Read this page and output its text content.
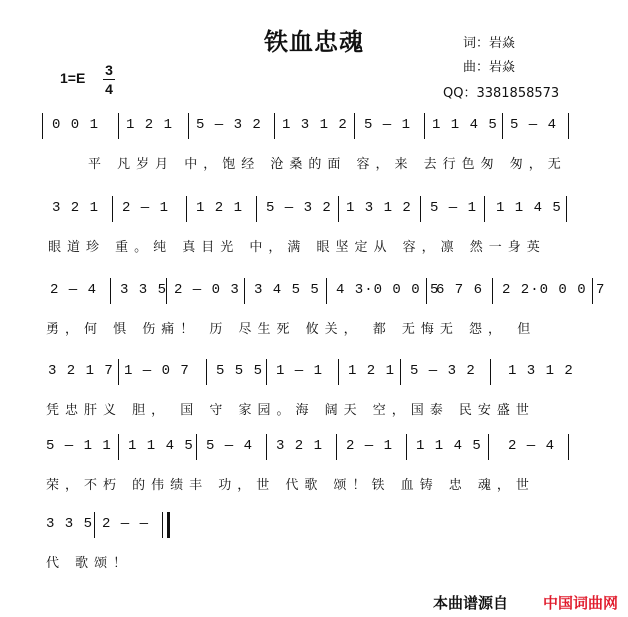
铁血忠魂	词：岩焱
曲：岩焱
QQ：3381858573
1=E 3
4
0 0 1 1 2 1 5 — 3 2 1 3 1 2 5 — 1 1 1 4 5 5 — 4
平 凡岁月 中，饱经 沧桑的面 容，来 去行色匆 匆，无
3 2 1 2 — 1 1 2 1 5 — 3 2 1 3 1 2 5 — 1 1 1 4 5
眼道珍 重。纯 真目光 中，满 眼坚定从 容，凛 然一身英
2 — 4 3 3 5 2 — 0 3 3 4 5 5 4 3·0 0 0 5
6 7 6 2 2·0 0 0 7
勇，何 惧 伤痛！ 历 尽生死 攸关， 都 无悔无 怨， 但
3 2 1 7 1 — 0 7 5 5 5 1 — 1 1 2 1 5 — 3 2 1 3 1 2
凭忠肝义 胆， 国 守 家园。海 阔天 空，国泰 民安盛世
5 — 1 1 1 1 4 5 5 — 4 3 2 1 2 — 1 1 1 4 5 2 — 4
荣，不朽 的伟绩丰 功，世 代歌 颂！铁 血铸 忠 魂，世
3 3 5 2 — —
代 歌颂！
本曲谱源自 中国词曲网
